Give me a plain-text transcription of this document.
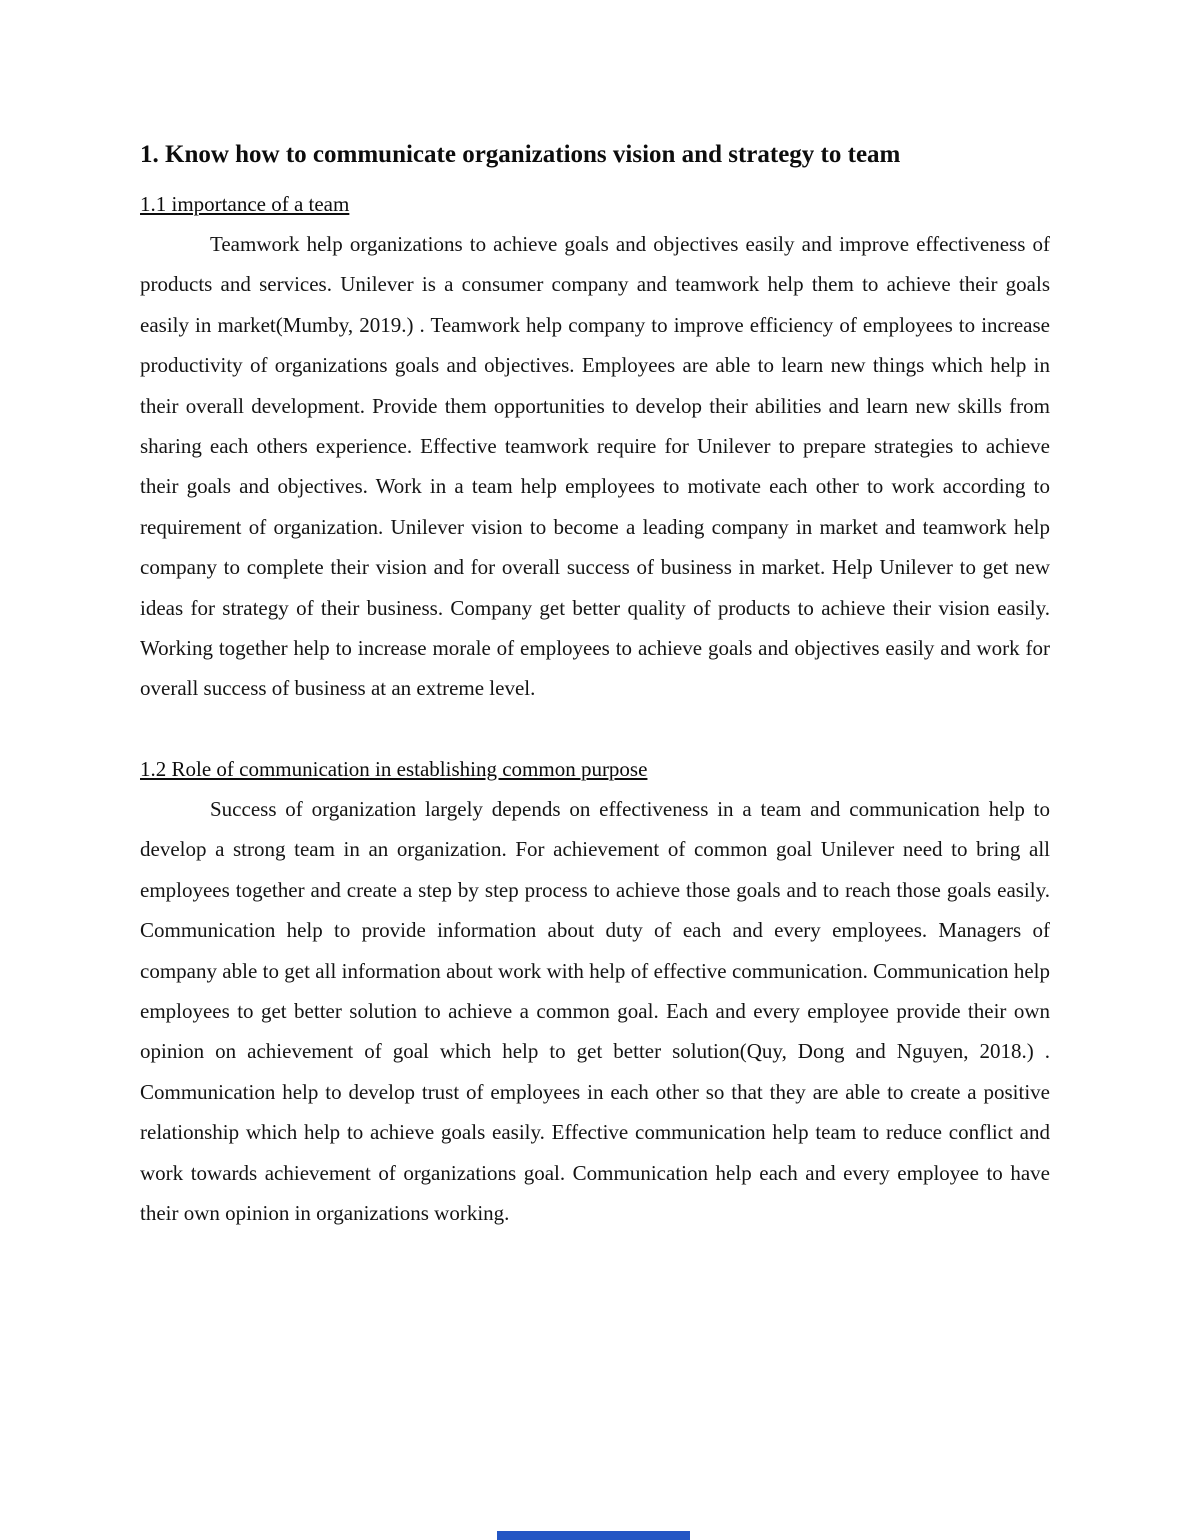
1. Know how to communicate organizations vision and strategy to team
1.1 importance of a team

Teamwork help organizations to achieve goals and objectives easily and improve effectiveness of products and services. Unilever is a consumer company and teamwork help them to achieve their goals easily in market(Mumby, 2019.) . Teamwork help company to improve efficiency of employees to increase productivity of organizations goals and objectives. Employees are able to learn new things which help in their overall development. Provide them opportunities to develop their abilities and learn new skills from sharing each others experience. Effective teamwork require for Unilever to prepare strategies to achieve their goals and objectives. Work in a team help employees to motivate each other to work according to requirement of organization. Unilever vision to become a leading company in market and teamwork help company to complete their vision and for overall success of business in market. Help Unilever to get new ideas for strategy of their business. Company get better quality of products to achieve their vision easily. Working together help to increase morale of employees to achieve goals and objectives easily and work for overall success of business at an extreme level.

1.2 Role of communication in establishing common purpose

Success of organization largely depends on effectiveness in a team and communication help to develop a strong team in an organization. For achievement of common goal Unilever need to bring all employees together and create a step by step process to achieve those goals and to reach those goals easily. Communication help to provide information about duty of each and every employees. Managers of company able to get all information about work with help of effective communication. Communication help employees to get better solution to achieve a common goal. Each and every employee provide their own opinion on achievement of goal which help to get better solution(Quy, Dong and Nguyen, 2018.) . Communication help to develop trust of employees in each other so that they are able to create a positive relationship which help to achieve goals easily. Effective communication help team to reduce conflict and work towards achievement of organizations goal. Communication help each and every employee to have their own opinion in organizations working.
